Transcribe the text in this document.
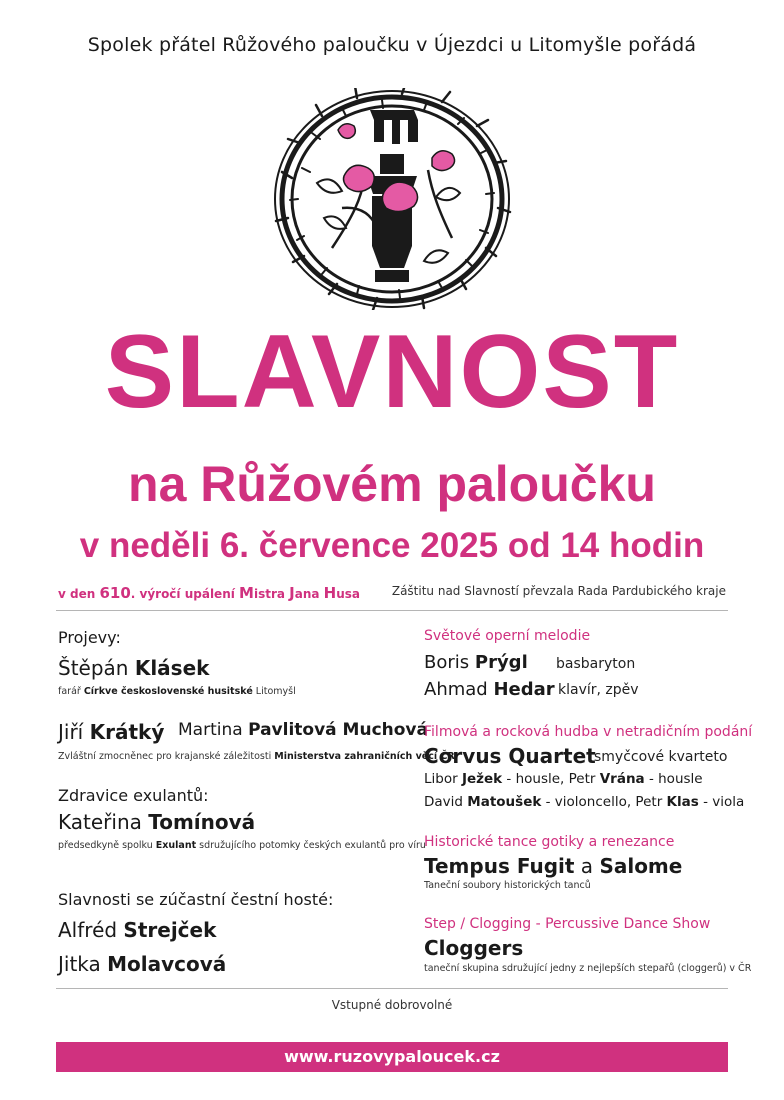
Spolek přátel Růžového paloučku v Újezdci u Litomyšle pořádá
SLAVNOST
na Růžovém paloučku
v neděli 6. července 2025 od 14 hodin
v den 610. výročí upálení Mistra Jana Husa	Záštitu nad Slavností převzala Rada Pardubického kraje
Projevy:
Štěpán Klásek
farář Církve československé husitské Litomyšl
Jiří Krátký Martina Pavlitová Muchová
Zvláštní zmocněnec pro krajanské záležitosti Ministerstva zahraničních věcí ČR
Zdravice exulantů:
Kateřina Tomínová
předsedkyně spolku Exulant sdružujícího potomky českých exulantů pro víru
Slavnosti se zúčastní čestní hosté:
Alfréd Strejček
Jitka Molavcová
Světové operní melodie
Boris Prýgl basbaryton
Ahmad Hedar klavír, zpěv
Filmová a rocková hudba v netradičním podání
Corvus Quartet
smyčcové kvarteto
Libor Ježek - housle, Petr Vrána - housle
David Matoušek - violoncello, Petr Klas - viola
Historické tance gotiky a renezance
Tempus Fugit a Salome
Taneční soubory historických tanců
Step / Clogging - Percussive Dance Show
Cloggers
taneční skupina sdružující jedny z nejlepších stepařů (cloggerů) v ČR
Vstupné dobrovolné
www.ruzovypaloucek.cz
